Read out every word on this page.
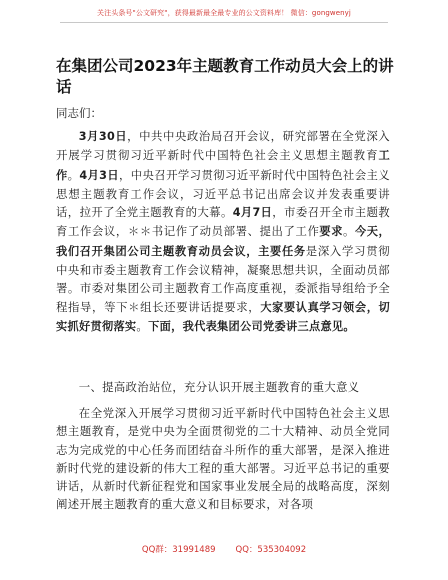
关注头条号"公文研究"，获得最新最全最专业的公文资料库！ 微信：gongwenyj
在集团公司2023年主题教育工作动员大会上的讲话
同志们：
3月30日，中共中央政治局召开会议，研究部署在全党深入开展学习贯彻习近平新时代中国特色社会主义思想主题教育工作。4月3日，中央召开学习贯彻习近平新时代中国特色社会主义思想主题教育工作会议，习近平总书记出席会议并发表重要讲话，拉开了全党主题教育的大幕。4月7日，市委召开全市主题教育工作会议，＊＊书记作了动员部署、提出了工作要求。今天，我们召开集团公司主题教育动员会议，主要任务是深入学习贯彻中央和市委主题教育工作会议精神，凝聚思想共识，全面动员部署。市委对集团公司主题教育工作高度重视，委派指导组给予全程指导，等下＊组长还要讲话提要求，大家要认真学习领会，切实抓好贯彻落实。下面，我代表集团公司党委讲三点意见。
一、提高政治站位，充分认识开展主题教育的重大意义
在全党深入开展学习贯彻习近平新时代中国特色社会主义思想主题教育，是党中央为全面贯彻党的二十大精神、动员全党同志为完成党的中心任务而团结奋斗所作的重大部署，是深入推进新时代党的建设新的伟大工程的重大部署。习近平总书记的重要讲话，从新时代新征程党和国家事业发展全局的战略高度，深刻阐述开展主题教育的重大意义和目标要求，对各项
QQ群：31991489 QQ：535304092
